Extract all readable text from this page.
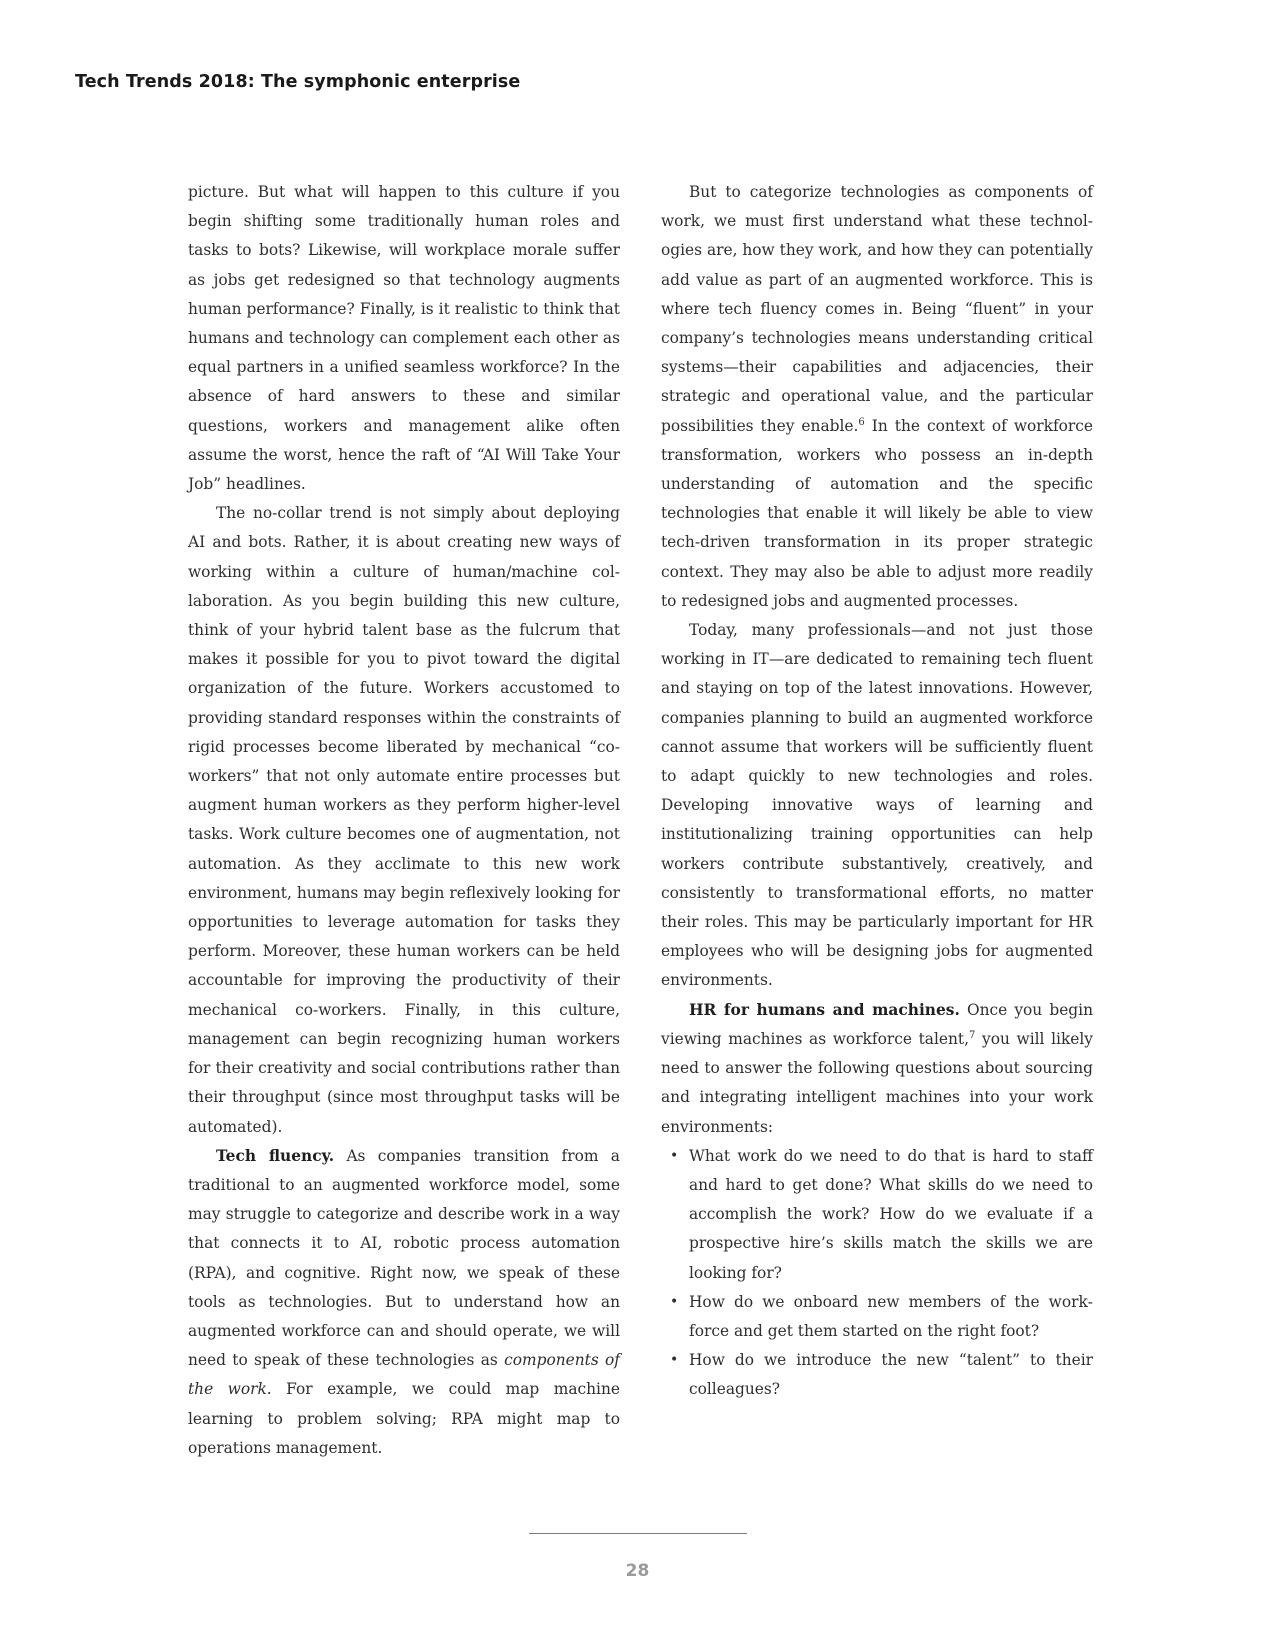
Tech Trends 2018: The symphonic enterprise

picture. But what will happen to this culture if you begin shifting some traditionally human roles and tasks to bots? Likewise, will workplace morale suffer as jobs get redesigned so that technology augments human performance? Finally, is it realistic to think that humans and technology can complement each other as equal partners in a unified seamless workforce? In the absence of hard answers to these and similar questions, workers and management alike often assume the worst, hence the raft of “AI Will Take Your Job” headlines.

The no-collar trend is not simply about deploying AI and bots. Rather, it is about creating new ways of working within a culture of human/machine collaboration. As you begin building this new culture, think of your hybrid talent base as the fulcrum that makes it possible for you to pivot toward the digital organization of the future. Workers accustomed to providing standard responses within the constraints of rigid processes become liberated by mechanical “co-workers” that not only automate entire processes but augment human workers as they perform higher-level tasks. Work culture becomes one of augmentation, not automation. As they acclimate to this new work environment, humans may begin reflexively looking for opportunities to leverage automation for tasks they perform. Moreover, these human workers can be held accountable for improving the productivity of their mechanical co-workers. Finally, in this culture, management can begin recognizing human workers for their creativity and social contributions rather than their throughput (since most throughput tasks will be automated).

Tech fluency. As companies transition from a traditional to an augmented workforce model, some may struggle to categorize and describe work in a way that connects it to AI, robotic process automation (RPA), and cognitive. Right now, we speak of these tools as technologies. But to understand how an augmented workforce can and should operate, we will need to speak of these technologies as components of the work. For example, we could map machine learning to problem solving; RPA might map to operations management.

But to categorize technologies as components of work, we must first understand what these technologies are, how they work, and how they can potentially add value as part of an augmented workforce. This is where tech fluency comes in. Being “fluent” in your company’s technologies means understanding critical systems—their capabilities and adjacencies, their strategic and operational value, and the particular possibilities they enable.$^6$ In the context of workforce transformation, workers who possess an in-depth understanding of automation and the specific technologies that enable it will likely be able to view tech-driven transformation in its proper strategic context. They may also be able to adjust more readily to redesigned jobs and augmented processes.

Today, many professionals—and not just those working in IT—are dedicated to remaining tech fluent and staying on top of the latest innovations. However, companies planning to build an augmented workforce cannot assume that workers will be sufficiently fluent to adapt quickly to new technologies and roles. Developing innovative ways of learning and institutionalizing training opportunities can help workers contribute substantively, creatively, and consistently to transformational efforts, no matter their roles. This may be particularly important for HR employees who will be designing jobs for augmented environments.

HR for humans and machines. Once you begin viewing machines as workforce talent,$^7$ you will likely need to answer the following questions about sourcing and integrating intelligent machines into your work environments:

• What work do we need to do that is hard to staff and hard to get done? What skills do we need to accomplish the work? How do we evaluate if a prospective hire’s skills match the skills we are looking for?
• How do we onboard new members of the workforce and get them started on the right foot?
• How do we introduce the new “talent” to their colleagues?
28
